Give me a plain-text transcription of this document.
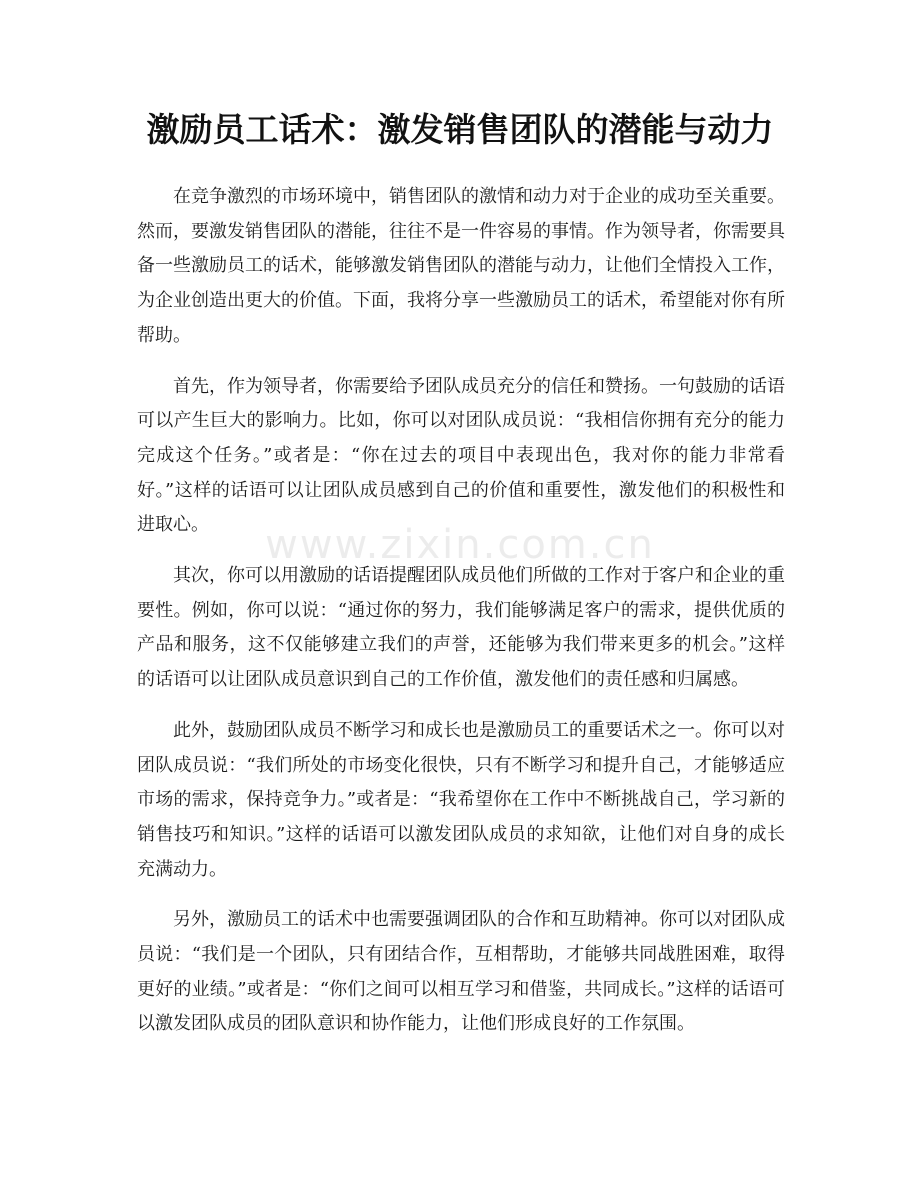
激励员工话术：激发销售团队的潜能与动力

在竞争激烈的市场环境中，销售团队的激情和动力对于企业的成功至关重要。然而，要激发销售团队的潜能，往往不是一件容易的事情。作为领导者，你需要具备一些激励员工的话术，能够激发销售团队的潜能与动力，让他们全情投入工作，为企业创造出更大的价值。下面，我将分享一些激励员工的话术，希望能对你有所帮助。

首先，作为领导者，你需要给予团队成员充分的信任和赞扬。一句鼓励的话语可以产生巨大的影响力。比如，你可以对团队成员说：“我相信你拥有充分的能力完成这个任务。”或者是：“你在过去的项目中表现出色，我对你的能力非常看好。”这样的话语可以让团队成员感到自己的价值和重要性，激发他们的积极性和进取心。

其次，你可以用激励的话语提醒团队成员他们所做的工作对于客户和企业的重要性。例如，你可以说：“通过你的努力，我们能够满足客户的需求，提供优质的产品和服务，这不仅能够建立我们的声誉，还能够为我们带来更多的机会。”这样的话语可以让团队成员意识到自己的工作价值，激发他们的责任感和归属感。

此外，鼓励团队成员不断学习和成长也是激励员工的重要话术之一。你可以对团队成员说：“我们所处的市场变化很快，只有不断学习和提升自己，才能够适应市场的需求，保持竞争力。”或者是：“我希望你在工作中不断挑战自己，学习新的销售技巧和知识。”这样的话语可以激发团队成员的求知欲，让他们对自身的成长充满动力。

另外，激励员工的话术中也需要强调团队的合作和互助精神。你可以对团队成员说：“我们是一个团队，只有团结合作，互相帮助，才能够共同战胜困难，取得更好的业绩。”或者是：“你们之间可以相互学习和借鉴，共同成长。”这样的话语可以激发团队成员的团队意识和协作能力，让他们形成良好的工作氛围。

www.zixin.com.cn
